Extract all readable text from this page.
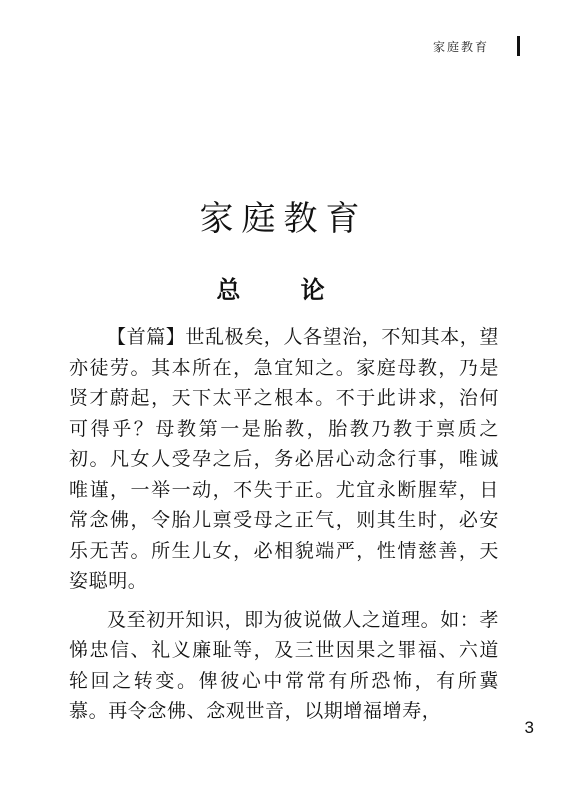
家庭教育
家庭教育
总 论

【首篇】世乱极矣，人各望治，不知其本，望亦徒劳。其本所在，急宜知之。家庭母教，乃是贤才蔚起，天下太平之根本。不于此讲求，治何可得乎？母教第一是胎教，胎教乃教于禀质之初。凡女人受孕之后，务必居心动念行事，唯诚唯谨，一举一动，不失于正。尤宜永断腥荤，日常念佛，令胎儿禀受母之正气，则其生时，必安乐无苦。所生儿女，必相貌端严，性情慈善，天姿聪明。

及至初开知识，即为彼说做人之道理。如：孝悌忠信、礼义廉耻等，及三世因果之罪福、六道轮回之转变。俾彼心中常常有所恐怖，有所冀慕。再令念佛、念观世音，以期增福增寿，

3
